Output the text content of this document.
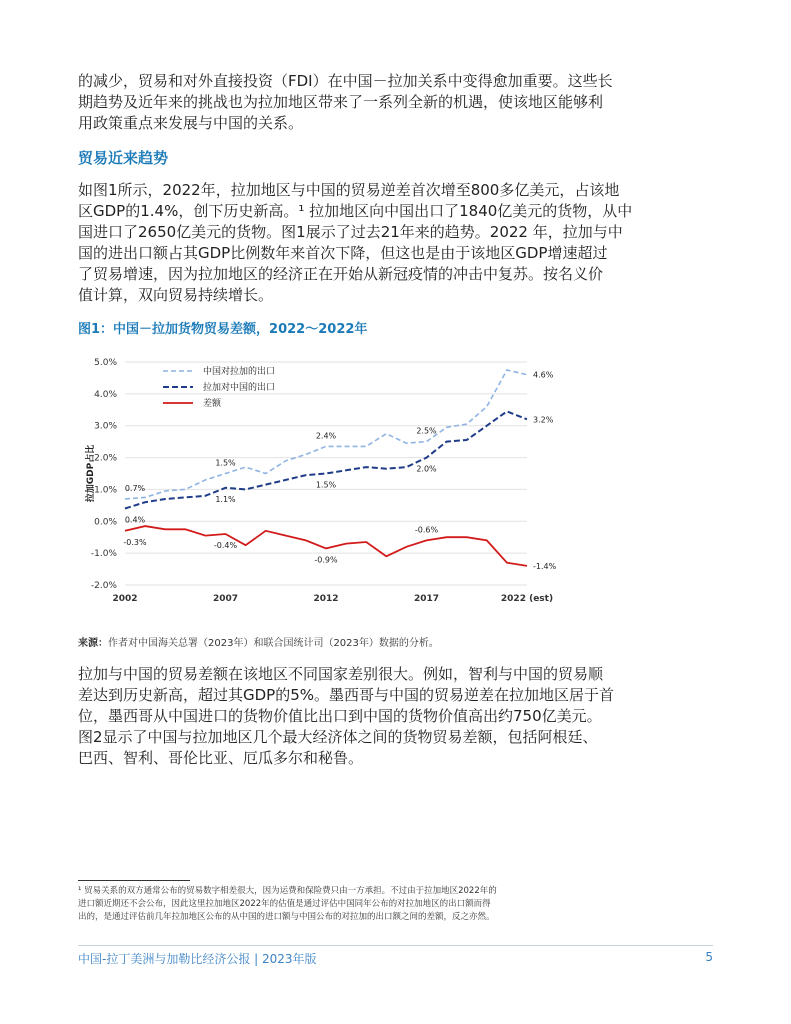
的减少，贸易和对外直接投资（FDI）在中国－拉加关系中变得愈加重要。这些长
期趋势及近年来的挑战也为拉加地区带来了一系列全新的机遇，使该地区能够利
用政策重点来发展与中国的关系。
贸易近来趋势
如图1所示，2022年，拉加地区与中国的贸易逆差首次增至800多亿美元，占该地
区GDP的1.4%，创下历史新高。¹ 拉加地区向中国出口了1840亿美元的货物，从中
国进口了2650亿美元的货物。图1展示了过去21年来的趋势。2022 年，拉加与中
国的进出口额占其GDP比例数年来首次下降，但这也是由于该地区GDP增速超过
了贸易增速，因为拉加地区的经济正在开始从新冠疫情的冲击中复苏。按名义价
值计算，双向贸易持续增长。
图1：中国－拉加货物贸易差额，2022～2022年
5.0%
4.0%
3.0%
2.0%
1.0%
0.0%
-1.0%
-2.0%
2002	2007	2012	2017	2022 (est)
拉加GDP占比
中国对拉加的出口
拉加对中国的出口
差额
0.7%
1.5%
2.4%
2.5%
4.6%
0.4%
1.1%
1.5%
2.0%
3.2%
-0.3%	-0.4%
-0.9%
-0.6%
-1.4%
来源：作者对中国海关总署（2023年）和联合国统计司（2023年）数据的分析。
拉加与中国的贸易差额在该地区不同国家差别很大。例如，智利与中国的贸易顺
差达到历史新高，超过其GDP的5%。墨西哥与中国的贸易逆差在拉加地区居于首
位，墨西哥从中国进口的货物价值比出口到中国的货物价值高出约750亿美元。
图2显示了中国与拉加地区几个最大经济体之间的货物贸易差额，包括阿根廷、
巴西、智利、哥伦比亚、厄瓜多尔和秘鲁。
¹ 贸易关系的双方通常公布的贸易数字相差很大，因为运费和保险费只由一方承担。不过由于拉加地区2022年的
进口额近期还不会公布，因此这里拉加地区2022年的估值是通过评估中国同年公布的对拉加地区的出口额而得
出的，是通过评估前几年拉加地区公布的从中国的进口额与中国公布的对拉加的出口额之间的差额，反之亦然。
中国-拉丁美洲与加勒比经济公报 | 2023年版	5
